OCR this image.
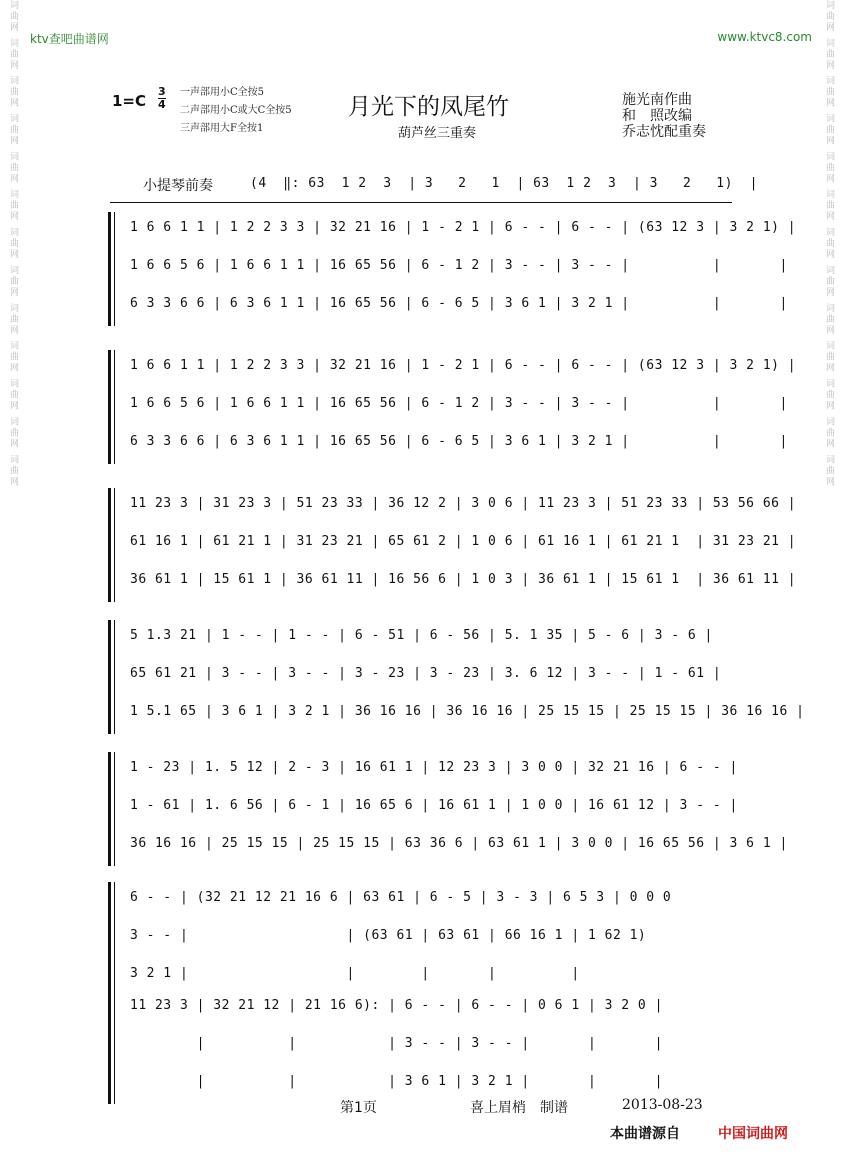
词曲网 词曲网 词曲网 词曲网 词曲网 词曲网 词曲网 词曲网 词曲网 词曲网 词曲网 词曲网 词曲网	词曲网 词曲网 词曲网 词曲网 词曲网 词曲网 词曲网 词曲网 词曲网 词曲网 词曲网 词曲网 词曲网
ktv查吧曲谱网	www.ktvc8.com
1=C
3
4
一声部用小C全按5
二声部用小C或大C全按5
三声部用大F全按1
月光下的凤尾竹
葫芦丝三重奏
施光南作曲
和　照改编
乔志忱配重奏
小提琴前奏	(4  ‖: 63  1 2  3  | 3   2   1  | 63  1 2  3  | 3   2   1)  |
1 6 6 1 1 | 1 2 2 3 3 | 32 21 16 | 1 - 2 1 | 6 - - | 6 - - | (63 12 3 | 3 2 1) |
1 6 6 5 6 | 1 6 6 1 1 | 16 65 56 | 6 - 1 2 | 3 - - | 3 - - |          |       |
6 3 3 6 6 | 6 3 6 1 1 | 16 65 56 | 6 - 6 5 | 3 6 1 | 3 2 1 |          |       |
1 6 6 1 1 | 1 2 2 3 3 | 32 21 16 | 1 - 2 1 | 6 - - | 6 - - | (63 12 3 | 3 2 1) |
1 6 6 5 6 | 1 6 6 1 1 | 16 65 56 | 6 - 1 2 | 3 - - | 3 - - |          |       |
6 3 3 6 6 | 6 3 6 1 1 | 16 65 56 | 6 - 6 5 | 3 6 1 | 3 2 1 |          |       |
11 23 3 | 31 23 3 | 51 23 33 | 36 12 2 | 3 0 6 | 11 23 3 | 51 23 33 | 53 56 66 |
61 16 1 | 61 21 1 | 31 23 21 | 65 61 2 | 1 0 6 | 61 16 1 | 61 21 1  | 31 23 21 |
36 61 1 | 15 61 1 | 36 61 11 | 16 56 6 | 1 0 3 | 36 61 1 | 15 61 1  | 36 61 11 |
5 1.3 21 | 1 - - | 1 - - | 6 - 51 | 6 - 56 | 5. 1 35 | 5 - 6 | 3 - 6 |
65 61 21 | 3 - - | 3 - - | 3 - 23 | 3 - 23 | 3. 6 12 | 3 - - | 1 - 61 |
1 5.1 65 | 3 6 1 | 3 2 1 | 36 16 16 | 36 16 16 | 25 15 15 | 25 15 15 | 36 16 16 |
1 - 23 | 1. 5 12 | 2 - 3 | 16 61 1 | 12 23 3 | 3 0 0 | 32 21 16 | 6 - - |
1 - 61 | 1. 6 56 | 6 - 1 | 16 65 6 | 16 61 1 | 1 0 0 | 16 61 12 | 3 - - |
36 16 16 | 25 15 15 | 25 15 15 | 63 36 6 | 63 61 1 | 3 0 0 | 16 65 56 | 3 6 1 |
6 - - | (32 21 12 21 16 6 | 63 61 | 6 - 5 | 3 - 3 | 6 5 3 | 0 0 0
3 - - |                   | (63 61 | 63 61 | 66 16 1 | 1 62 1)
3 2 1 |                   |        |       |         |
11 23 3 | 32 21 12 | 21 16 6): | 6 - - | 6 - - | 0 6 1 | 3 2 0 |
|          |           | 3 - - | 3 - - |       |       |
|          |           | 3 6 1 | 3 2 1 |       |       |
第1页	喜上眉梢　制谱	2013-08-23
本曲谱源自	中国词曲网
